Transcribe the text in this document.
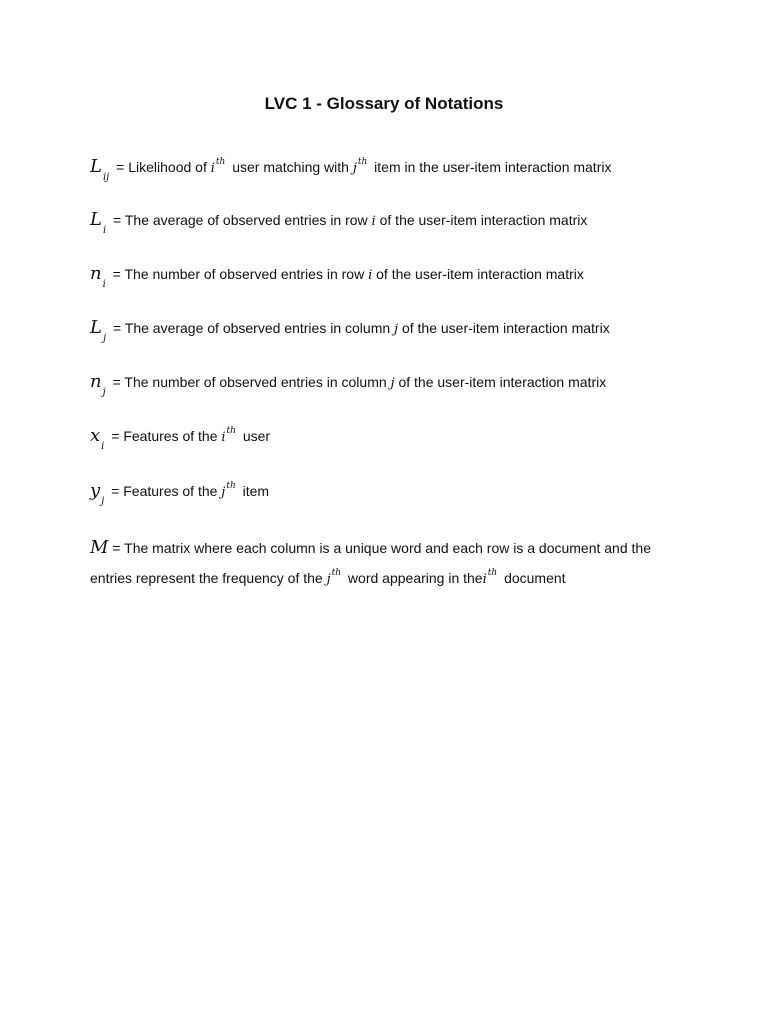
LVC 1 - Glossary of Notations
$L_{ij}$ = Likelihood of $i^{th}$ user matching with $j^{th}$ item in the user-item interaction matrix
$L_i$ = The average of observed entries in row i of the user-item interaction matrix
$n_i$ = The number of observed entries in row i of the user-item interaction matrix
$L_j$ = The average of observed entries in column j of the user-item interaction matrix
$n_j$ = The number of observed entries in column j of the user-item interaction matrix
$x_i$ = Features of the $i^{th}$ user
$y_j$ = Features of the $j^{th}$ item
M = The matrix where each column is a unique word and each row is a document and the
entries represent the frequency of the $j^{th}$ word appearing in thei$^{th}$ document
